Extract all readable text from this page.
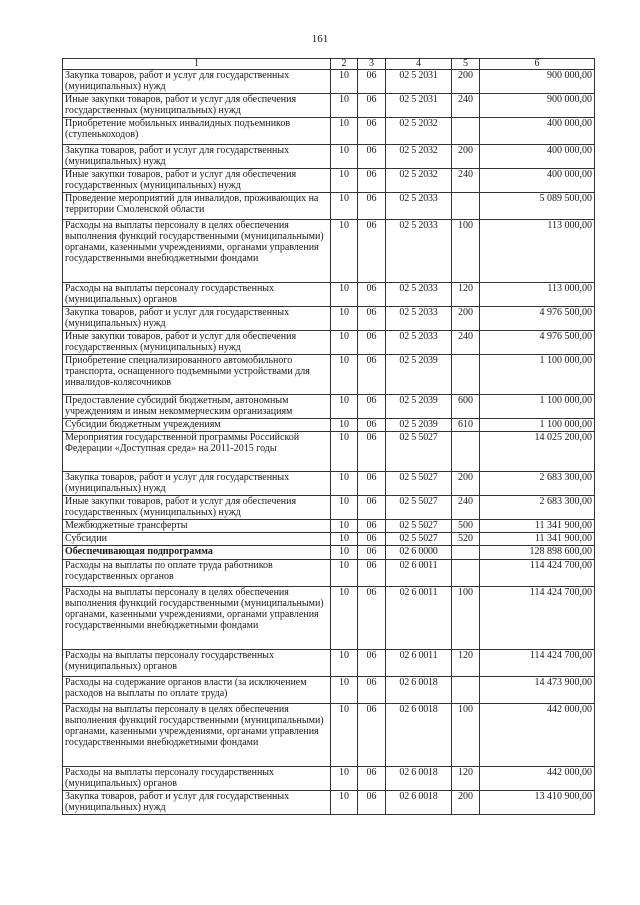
161
1	2	3	4	5	6
Закупка товаров, работ и услуг для государственных (муниципальных) нужд	10	06	02 5 2031	200	900 000,00
Иные закупки товаров, работ и услуг для обеспечения государственных (муниципальных) нужд	10	06	02 5 2031	240	900 000,00
Приобретение мобильных инвалидных подъемников (ступенькоходов)	10	06	02 5 2032		400 000,00
Закупка товаров, работ и услуг для государственных (муниципальных) нужд	10	06	02 5 2032	200	400 000,00
Иные закупки товаров, работ и услуг для обеспечения государственных (муниципальных) нужд	10	06	02 5 2032	240	400 000,00
Проведение мероприятий для инвалидов, проживающих на территории Смоленской области	10	06	02 5 2033		5 089 500,00
Расходы на выплаты персоналу в целях обеспечения выполнения функций государственными (муниципальными) органами, казенными учреждениями, органами управления государственными внебюджетными фондами	10	06	02 5 2033	100	113 000,00
Расходы на выплаты персоналу государственных (муниципальных) органов	10	06	02 5 2033	120	113 000,00
Закупка товаров, работ и услуг для государственных (муниципальных) нужд	10	06	02 5 2033	200	4 976 500,00
Иные закупки товаров, работ и услуг для обеспечения государственных (муниципальных) нужд	10	06	02 5 2033	240	4 976 500,00
Приобретение специализированного автомобильного транспорта, оснащенного подъемными устройствами для инвалидов-колясочников	10	06	02 5 2039		1 100 000,00
Предоставление субсидий бюджетным, автономным учреждениям и иным некоммерческим организациям	10	06	02 5 2039	600	1 100 000,00
Субсидии бюджетным учреждениям	10	06	02 5 2039	610	1 100 000,00
Мероприятия государственной программы Российской Федерации «Доступная среда» на 2011-2015 годы	10	06	02 5 5027		14 025 200,00
Закупка товаров, работ и услуг для государственных (муниципальных) нужд	10	06	02 5 5027	200	2 683 300,00
Иные закупки товаров, работ и услуг для обеспечения государственных (муниципальных) нужд	10	06	02 5 5027	240	2 683 300,00
Межбюджетные трансферты	10	06	02 5 5027	500	11 341 900,00
Субсидии	10	06	02 5 5027	520	11 341 900,00
Обеспечивающая подпрограмма	10	06	02 6 0000		128 898 600,00
Расходы на выплаты по оплате труда работников государственных органов	10	06	02 6 0011		114 424 700,00
Расходы на выплаты персоналу в целях обеспечения выполнения функций государственными (муниципальными) органами, казенными учреждениями, органами управления государственными внебюджетными фондами	10	06	02 6 0011	100	114 424 700,00
Расходы на выплаты персоналу государственных (муниципальных) органов	10	06	02 6 0011	120	114 424 700,00
Расходы на содержание органов власти (за исключением расходов на выплаты по оплате труда)	10	06	02 6 0018		14 473 900,00
Расходы на выплаты персоналу в целях обеспечения выполнения функций государственными (муниципальными) органами, казенными учреждениями, органами управления государственными внебюджетными фондами	10	06	02 6 0018	100	442 000,00
Расходы на выплаты персоналу государственных (муниципальных) органов	10	06	02 6 0018	120	442 000,00
Закупка товаров, работ и услуг для государственных (муниципальных) нужд	10	06	02 6 0018	200	13 410 900,00
